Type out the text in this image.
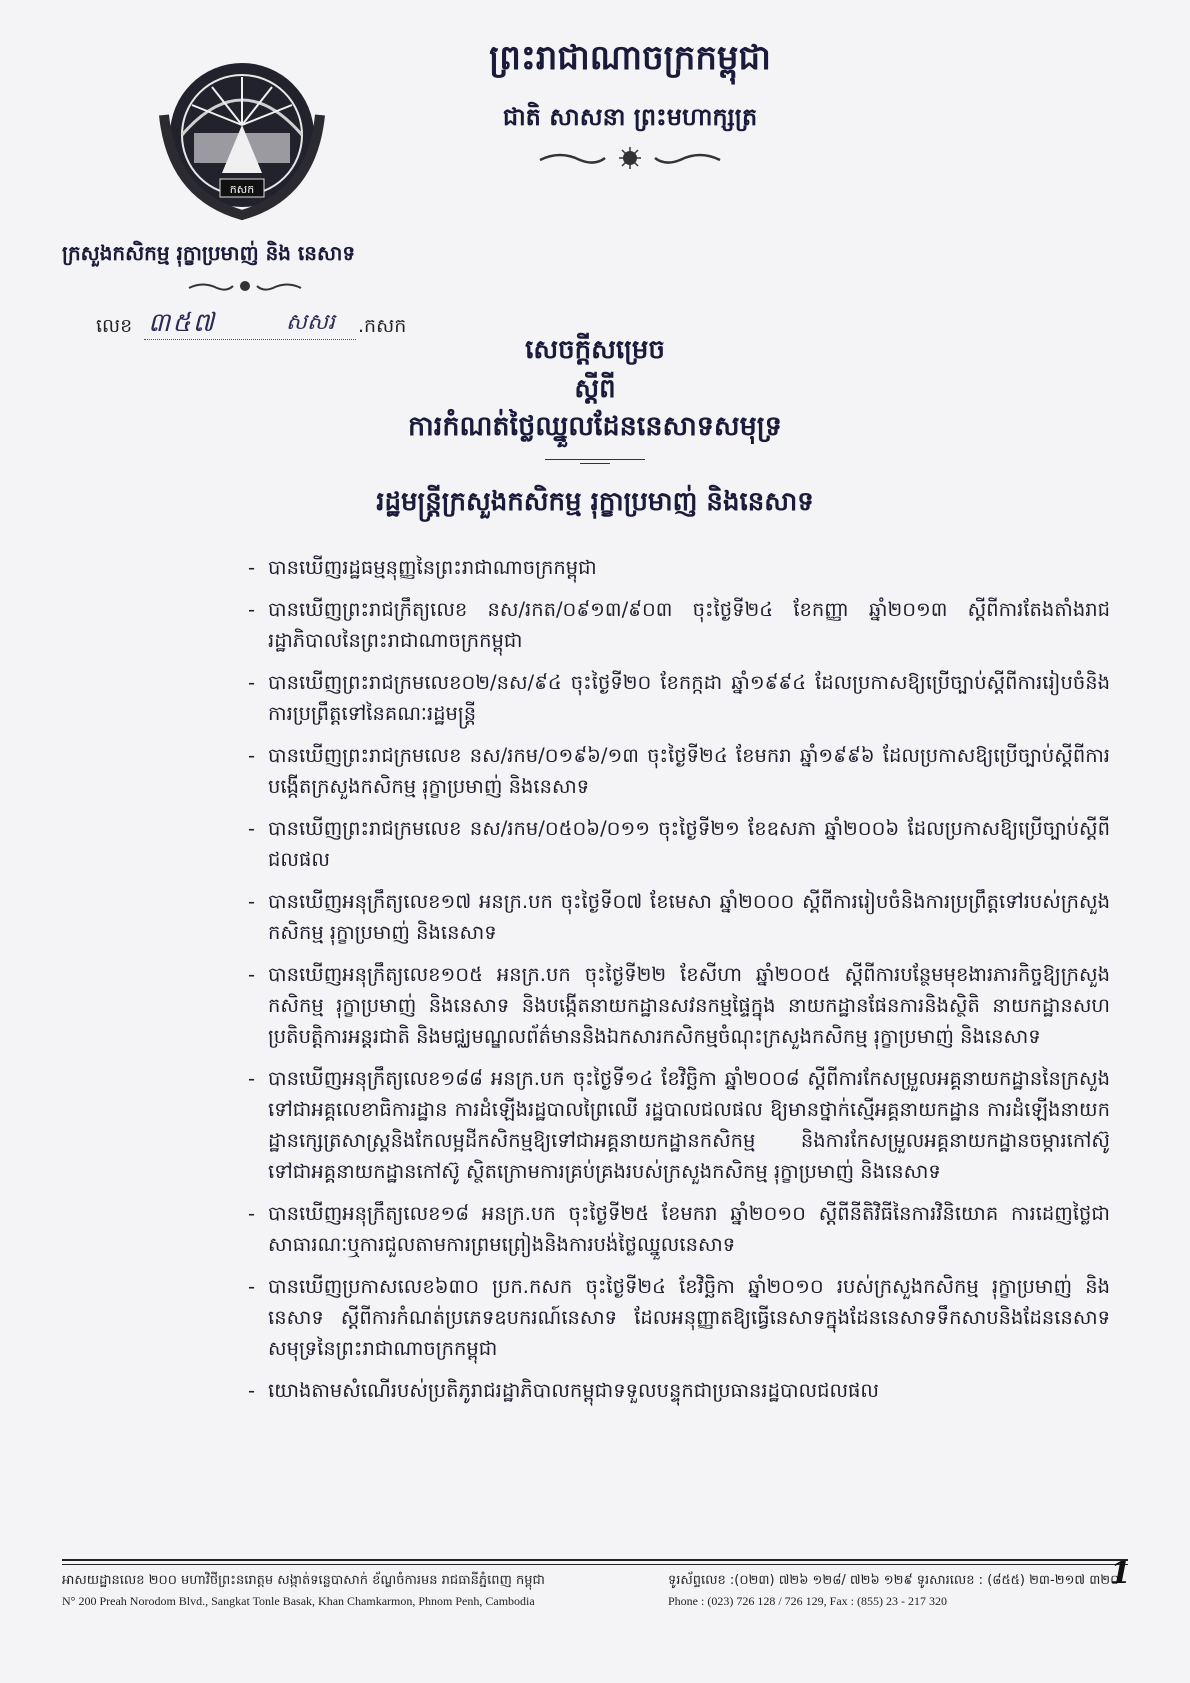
កសក
ព្រះរាជាណាចក្រកម្ពុជា
ជាតិ សាសនា ព្រះមហាក្សត្រ
ក្រសួងកសិកម្ម រុក្ខាប្រមាញ់ និង នេសាទ
លេខ ៣៥៧	សសរ .កសក
សេចក្តីសម្រេច
ស្តីពី
ការកំណត់ថ្លៃឈ្នួលដែននេសាទសមុទ្រ
រដ្ឋមន្ត្រីក្រសួងកសិកម្ម រុក្ខាប្រមាញ់ និងនេសាទ
- បានឃើញរដ្ឋធម្មនុញ្ញនៃព្រះរាជាណាចក្រកម្ពុជា
- បានឃើញព្រះរាជក្រឹត្យលេខ នស/រកត/០៩១៣/៩០៣ ចុះថ្ងៃទី២៤ ខែកញ្ញា ឆ្នាំ២០១៣ ស្តីពីការតែងតាំងរាជរដ្ឋាភិបាលនៃព្រះរាជាណាចក្រកម្ពុជា
- បានឃើញព្រះរាជក្រមលេខ០២/នស/៩៤ ចុះថ្ងៃទី២០ ខែកក្កដា ឆ្នាំ១៩៩៤ ដែលប្រកាសឱ្យប្រើច្បាប់ស្តីពីការរៀបចំនិងការប្រព្រឹត្តទៅនៃគណៈរដ្ឋមន្ត្រី
- បានឃើញព្រះរាជក្រមលេខ នស/រកម/០១៩៦/១៣ ចុះថ្ងៃទី២៤ ខែមករា ឆ្នាំ១៩៩៦ ដែលប្រកាសឱ្យប្រើច្បាប់ស្តីពីការបង្កើតក្រសួងកសិកម្ម រុក្ខាប្រមាញ់ និងនេសាទ
- បានឃើញព្រះរាជក្រមលេខ នស/រកម/០៥០៦/០១១ ចុះថ្ងៃទី២១ ខែឧសភា ឆ្នាំ២០០៦ ដែលប្រកាសឱ្យប្រើច្បាប់ស្តីពីជលផល
- បានឃើញអនុក្រឹត្យលេខ១៧ អនក្រ.បក ចុះថ្ងៃទី០៧ ខែមេសា ឆ្នាំ២០០០ ស្តីពីការរៀបចំនិងការប្រព្រឹត្តទៅរបស់ក្រសួងកសិកម្ម រុក្ខាប្រមាញ់ និងនេសាទ
- បានឃើញអនុក្រឹត្យលេខ១០៥ អនក្រ.បក ចុះថ្ងៃទី២២ ខែសីហា ឆ្នាំ២០០៥ ស្តីពីការបន្ថែមមុខងារភារកិច្ចឱ្យក្រសួងកសិកម្ម រុក្ខាប្រមាញ់ និងនេសាទ និងបង្កើតនាយកដ្ឋានសវនកម្មផ្ទៃក្នុង នាយកដ្ឋានផែនការនិងស្ថិតិ នាយកដ្ឋានសហប្រតិបត្តិការអន្តរជាតិ និងមជ្ឈមណ្ឌលព័ត៌មាននិងឯកសារកសិកម្មចំណុះក្រសួងកសិកម្ម រុក្ខាប្រមាញ់ និងនេសាទ
- បានឃើញអនុក្រឹត្យលេខ១៨៨ អនក្រ.បក ចុះថ្ងៃទី១៤ ខែវិច្ឆិកា ឆ្នាំ២០០៨ ស្តីពីការកែសម្រួលអគ្គនាយកដ្ឋាននៃក្រសួងទៅជាអគ្គលេខាធិការដ្ឋាន ការដំឡើងរដ្ឋបាលព្រៃឈើ រដ្ឋបាលជលផល ឱ្យមានថ្នាក់ស្មើអគ្គនាយកដ្ឋាន ការដំឡើងនាយកដ្ឋានក្សេត្រសាស្ត្រនិងកែលម្អដីកសិកម្មឱ្យទៅជាអគ្គនាយកដ្ឋានកសិកម្ម និងការកែសម្រួលអគ្គនាយកដ្ឋានចម្ការកៅស៊ូ ទៅជាអគ្គនាយកដ្ឋានកៅស៊ូ ស្ថិតក្រោមការគ្រប់គ្រងរបស់ក្រសួងកសិកម្ម រុក្ខាប្រមាញ់ និងនេសាទ
- បានឃើញអនុក្រឹត្យលេខ១៨ អនក្រ.បក ចុះថ្ងៃទី២៥ ខែមករា ឆ្នាំ២០១០ ស្តីពីនីតិវិធីនៃការវិនិយោគ ការដេញថ្លៃជាសាធារណៈឬការជួលតាមការព្រមព្រៀងនិងការបង់ថ្លៃឈ្នួលនេសាទ
- បានឃើញប្រកាសលេខ៦៣០ ប្រក.កសក ចុះថ្ងៃទី២៤ ខែវិច្ឆិកា ឆ្នាំ២០១០ របស់ក្រសួងកសិកម្ម រុក្ខាប្រមាញ់ និងនេសាទ ស្តីពីការកំណត់ប្រភេទឧបករណ៍នេសាទ ដែលអនុញ្ញាតឱ្យធ្វើនេសាទក្នុងដែននេសាទទឹកសាបនិងដែននេសាទសមុទ្រនៃព្រះរាជាណាចក្រកម្ពុជា
- យោងតាមសំណើរបស់ប្រតិភូរាជរដ្ឋាភិបាលកម្ពុជាទទួលបន្ទុកជាប្រធានរដ្ឋបាលជលផល
អាសយដ្ឋានលេខ ២០០ មហាវិថីព្រះនរោត្តម សង្កាត់ទន្លេបាសាក់ ខ័ណ្ឌចំការមន រាជធានីភ្នំពេញ កម្ពុជា
N° 200 Preah Norodom Blvd., Sangkat Tonle Basak, Khan Chamkarmon, Phnom Penh, Cambodia
ទូរស័ព្ទលេខ :(០២៣) ៧២៦ ១២៨/ ៧២៦ ១២៩ ទូរសារលេខ : (៨៥៥) ២៣-២១៧ ៣២០
Phone : (023) 726 128 / 726 129, Fax : (855) 23 - 217 320
1
